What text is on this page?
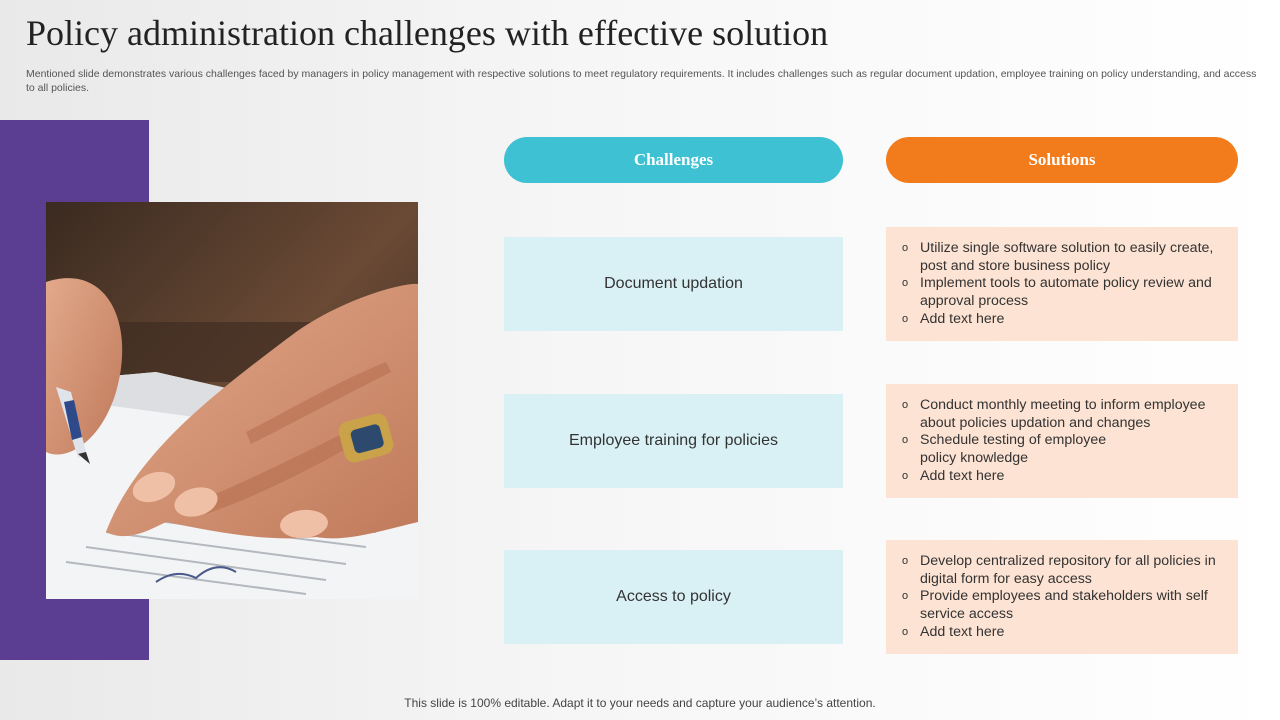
Policy administration challenges with effective solution
Mentioned slide demonstrates various challenges faced by managers in policy management with respective solutions to meet regulatory requirements. It includes challenges such as regular document updation, employee training on policy understanding, and access to all policies.
Challenges	Solutions
Document updation
Employee training for policies
Access to policy
o Utilize single software solution to easily create, post and store business policy
o Implement tools to automate policy review and approval process
o Add text here
o Conduct monthly meeting to inform employee about policies updation and changes
o Schedule testing of employee policy knowledge
o Add text here
o Develop centralized repository for all policies in digital form for easy access
o Provide employees and stakeholders with self service access
o Add text here
This slide is 100% editable. Adapt it to your needs and capture your audience’s attention.
